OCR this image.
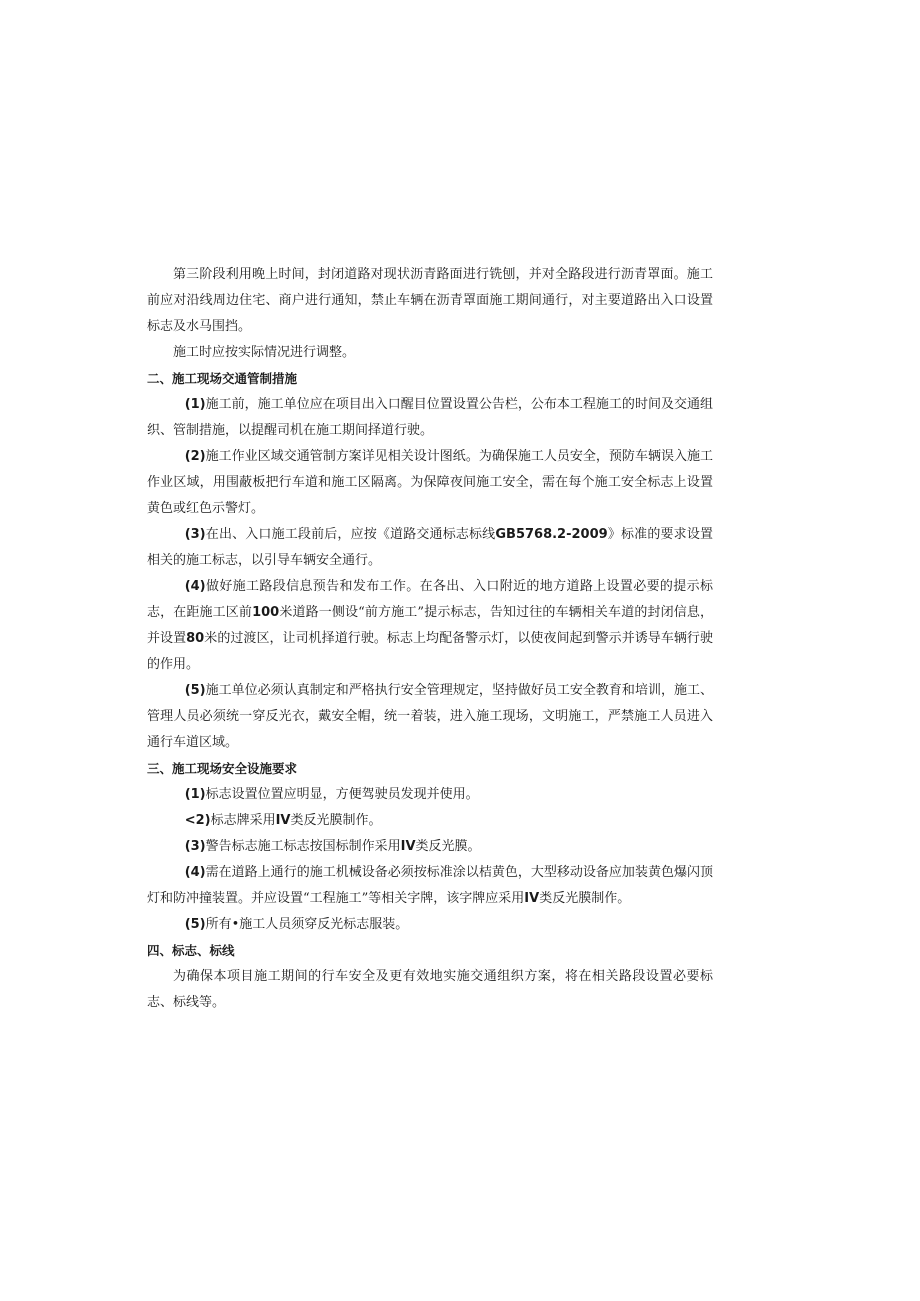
第三阶段利用晚上时间，封闭道路对现状沥青路面进行铣刨，并对全路段进行沥青罩面。施工前应对沿线周边住宅、商户进行通知，禁止车辆在沥青罩面施工期间通行，对主要道路出入口设置标志及水马围挡。

施工时应按实际情况进行调整。

二、施工现场交通管制措施

(1)施工前，施工单位应在项目出入口醒目位置设置公告栏，公布本工程施工的时间及交通组织、管制措施，以提醒司机在施工期间择道行驶。

(2)施工作业区域交通管制方案详见相关设计图纸。为确保施工人员安全，预防车辆误入施工作业区域，用围蔽板把行车道和施工区隔离。为保障夜间施工安全，需在每个施工安全标志上设置黄色或红色示警灯。

(3)在出、入口施工段前后，应按《道路交通标志标线GB5768.2-2009》标准的要求设置相关的施工标志，以引导车辆安全通行。

(4)做好施工路段信息预告和发布工作。在各出、入口附近的地方道路上设置必要的提示标志，在距施工区前100米道路一侧设“前方施工”提示标志，告知过往的车辆相关车道的封闭信息，并设置80米的过渡区，让司机择道行驶。标志上均配备警示灯，以使夜间起到警示并诱导车辆行驶的作用。

(5)施工单位必须认真制定和严格执行安全管理规定，坚持做好员工安全教育和培训，施工、管理人员必须统一穿反光衣，戴安全帽，统一着装，进入施工现场，文明施工，严禁施工人员进入通行车道区域。

三、施工现场安全设施要求

(1)标志设置位置应明显，方便驾驶员发现并使用。

<2)标志牌采用IV类反光膜制作。

(3)警告标志施工标志按国标制作采用IV类反光膜。

(4)需在道路上通行的施工机械设备必须按标准涂以桔黄色，大型移动设备应加装黄色爆闪顶灯和防冲撞装置。并应设置“工程施工”等相关字牌，该字牌应采用IV类反光膜制作。

(5)所有•施工人员须穿反光标志服装。

四、标志、标线

为确保本项目施工期间的行车安全及更有效地实施交通组织方案，将在相关路段设置必要标志、标线等。
